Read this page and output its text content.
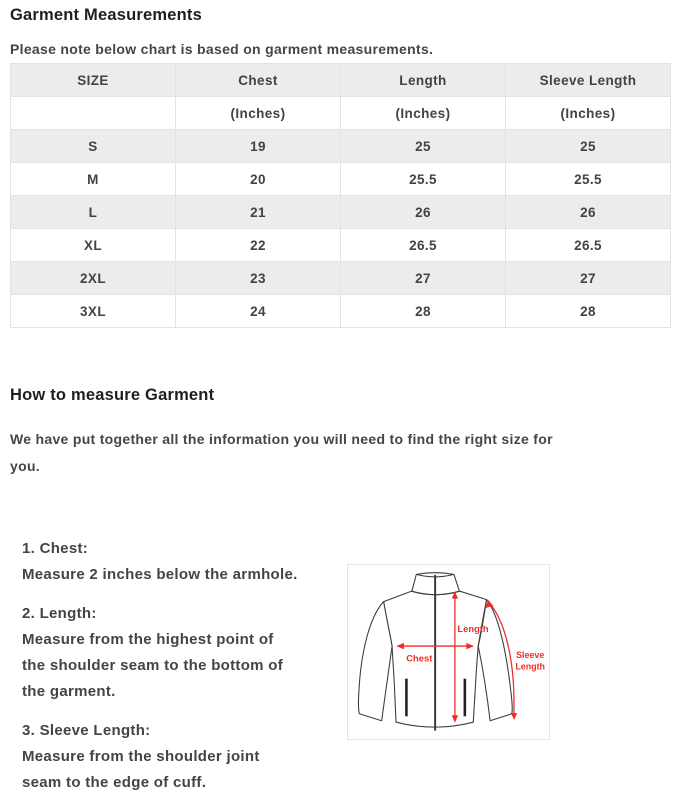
Garment Measurements

Please note below chart is based on garment measurements.

SIZE	Chest	Length	Sleeve Length
	(Inches)	(Inches)	(Inches)
S	19	25	25
M	20	25.5	25.5
L	21	26	26
XL	22	26.5	26.5
2XL	23	27	27
3XL	24	28	28
How to measure Garment
We have put together all the information you will need to find the right size for
you.
1. Chest:
Measure 2 inches below the armhole.
2. Length:
Measure from the highest point of
the shoulder seam to the bottom of
the garment.
3. Sleeve Length:
Measure from the shoulder joint
seam to the edge of cuff.
Length
Chest	Sleeve
Length
